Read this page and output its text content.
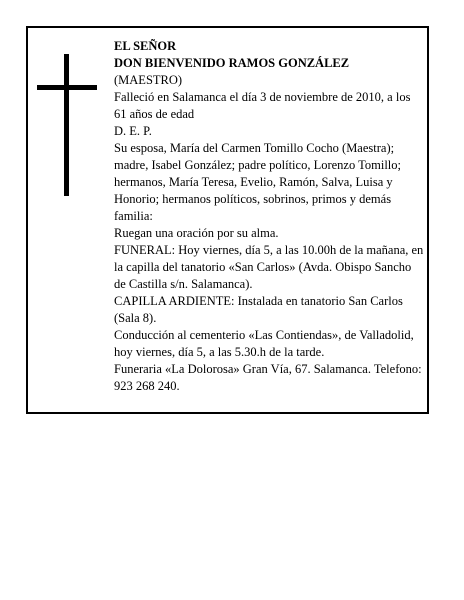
EL SEÑOR

DON BIENVENIDO RAMOS GONZÁLEZ

(MAESTRO)

Falleció en Salamanca el día 3 de noviembre de 2010, a los 61 años de edad

D. E. P.

Su esposa, María del Carmen Tomillo Cocho (Maestra); madre, Isabel González; padre político, Lorenzo Tomillo; hermanos, María Teresa, Evelio, Ramón, Salva, Luisa y Honorio; hermanos políticos, sobrinos, primos y demás familia:

Ruegan una oración por su alma.

FUNERAL: Hoy viernes, día 5, a las 10.00h de la mañana, en la capilla del tanatorio «San Carlos» (Avda. Obispo Sancho de Castilla s/n. Salamanca).

CAPILLA ARDIENTE: Instalada en tanatorio San Carlos (Sala 8).

Conducción al cementerio «Las Contiendas», de Valladolid, hoy viernes, día 5, a las 5.30.h de la tarde.

Funeraria «La Dolorosa» Gran Vía, 67. Salamanca. Telefono: 923 268 240.
